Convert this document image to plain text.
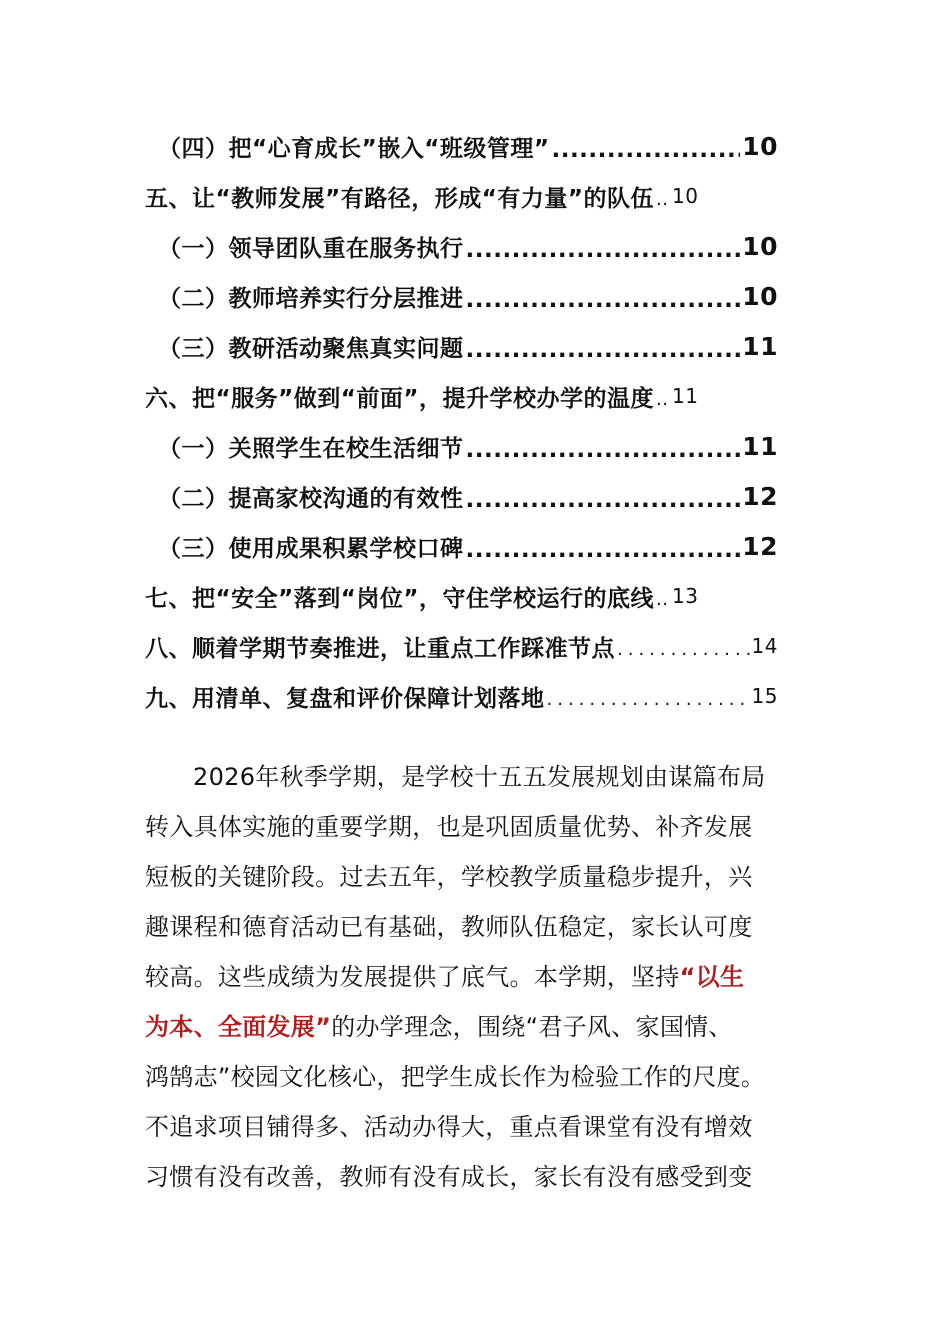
（四）把“心育成长”嵌入“班级管理” .....	10
五、让“教师发展”有路径，形成“有力量”的队伍 ..... 10
（一）领导团队重在服务执行 .....	10
（二）教师培养实行分层推进 .....	10
（三）教研活动聚焦真实问题 .....	11
六、把“服务”做到“前面”，提升学校办学的温度 ..... 11
（一）关照学生在校生活细节 .....	11
（二）提高家校沟通的有效性 .....	12
（三）使用成果积累学校口碑 .....	12
七、把“安全”落到“岗位”，守住学校运行的底线 ..... 13
八、顺着学期节奏推进，让重点工作踩准节点 .....	14
九、用清单、复盘和评价保障计划落地 .....	15
2026年秋季学期，是学校十五五发展规划由谋篇布局
转入具体实施的重要学期，也是巩固质量优势、补齐发展
短板的关键阶段。过去五年，学校教学质量稳步提升，兴
趣课程和德育活动已有基础，教师队伍稳定，家长认可度
较高。这些成绩为发展提供了底气。本学期，坚持 “以生
为本、全面发展” 的办学理念，围绕“君子风、家国情、
鸿鹄志”校园文化核心，把学生成长作为检验工作的尺度。
不追求项目铺得多、活动办得大，重点看课堂有没有增效
习惯有没有改善，教师有没有成长，家长有没有感受到变
